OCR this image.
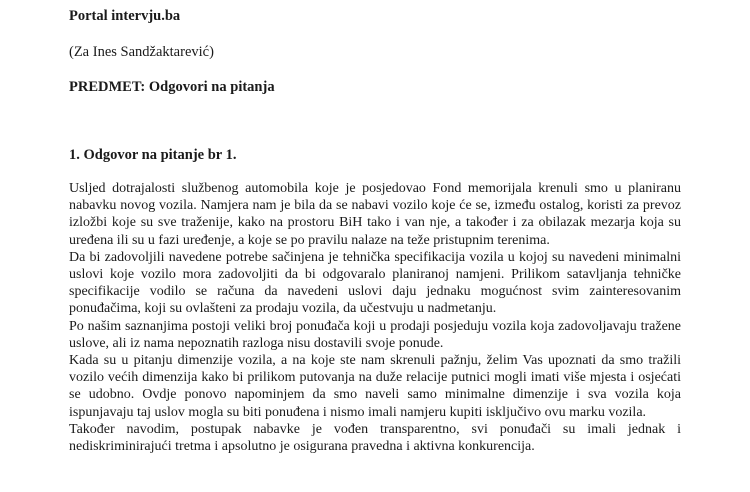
Portal intervju.ba
(Za Ines Sandžaktarević)
PREDMET: Odgovori na pitanja
1. Odgovor na pitanje br 1.

Usljed dotrajalosti službenog automobila koje je posjedovao Fond memorijala krenuli smo u planiranu nabavku novog vozila. Namjera nam je bila da se nabavi vozilo koje će se, između ostalog, koristi za prevoz izložbi koje su sve traženije, kako na prostoru BiH tako i van nje, a također i za obilazak mezarja koja su uređena ili su u fazi uređenje, a koje se po pravilu nalaze na teže pristupnim terenima.

Da bi zadovoljili navedene potrebe sačinjena je tehnička specifikacija vozila u kojoj su navedeni minimalni uslovi koje vozilo mora zadovoljiti da bi odgovaralo planiranoj namjeni. Prilikom satavljanja tehničke specifikacije vodilo se računa da navedeni uslovi daju jednaku mogućnost svim zainteresovanim ponuđačima, koji su ovlašteni za prodaju vozila, da učestvuju u nadmetanju.

Po našim saznanjima postoji veliki broj ponuđača koji u prodaji posjeduju vozila koja zadovoljavaju tražene uslove, ali iz nama nepoznatih razloga nisu dostavili svoje ponude.

Kada su u pitanju dimenzije vozila, a na koje ste nam skrenuli pažnju, želim Vas upoznati da smo tražili vozilo većih dimenzija kako bi prilikom putovanja na duže relacije putnici mogli imati više mjesta i osjećati se udobno. Ovdje ponovo napominjem da smo naveli samo minimalne dimenzije i sva vozila koja ispunjavaju taj uslov mogla su biti ponuđena i nismo imali namjeru kupiti isključivo ovu marku vozila.

Također navodim, postupak nabavke je vođen transparentno, svi ponuđači su imali jednak i nediskriminirajući tretma i apsolutno je osigurana pravedna i aktivna konkurencija.
